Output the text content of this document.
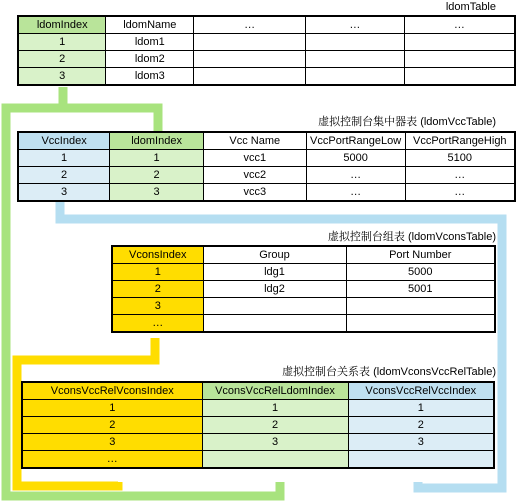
ldomTable
ldomIndex	ldomName	…	…	…
1	ldom1			
2	ldom2			
3	ldom3			
虚拟控制台集中器表 (ldomVccTable)
VccIndex	ldomIndex	Vcc Name	VccPortRangeLow	VccPortRangeHigh
1	1	vcc1	5000	5100
2	2	vcc2	…	…
3	3	vcc3	…	…
虚拟控制台组表 (ldomVconsTable)
VconsIndex	Group	Port Number
1	ldg1	5000
2	ldg2	5001
3		
…		
虚拟控制台关系表 (ldomVconsVccRelTable)
VconsVccRelVconsIndex	VconsVccRelLdomIndex	VconsVccRelVccIndex
1	1	1
2	2	2
3	3	3
…		
